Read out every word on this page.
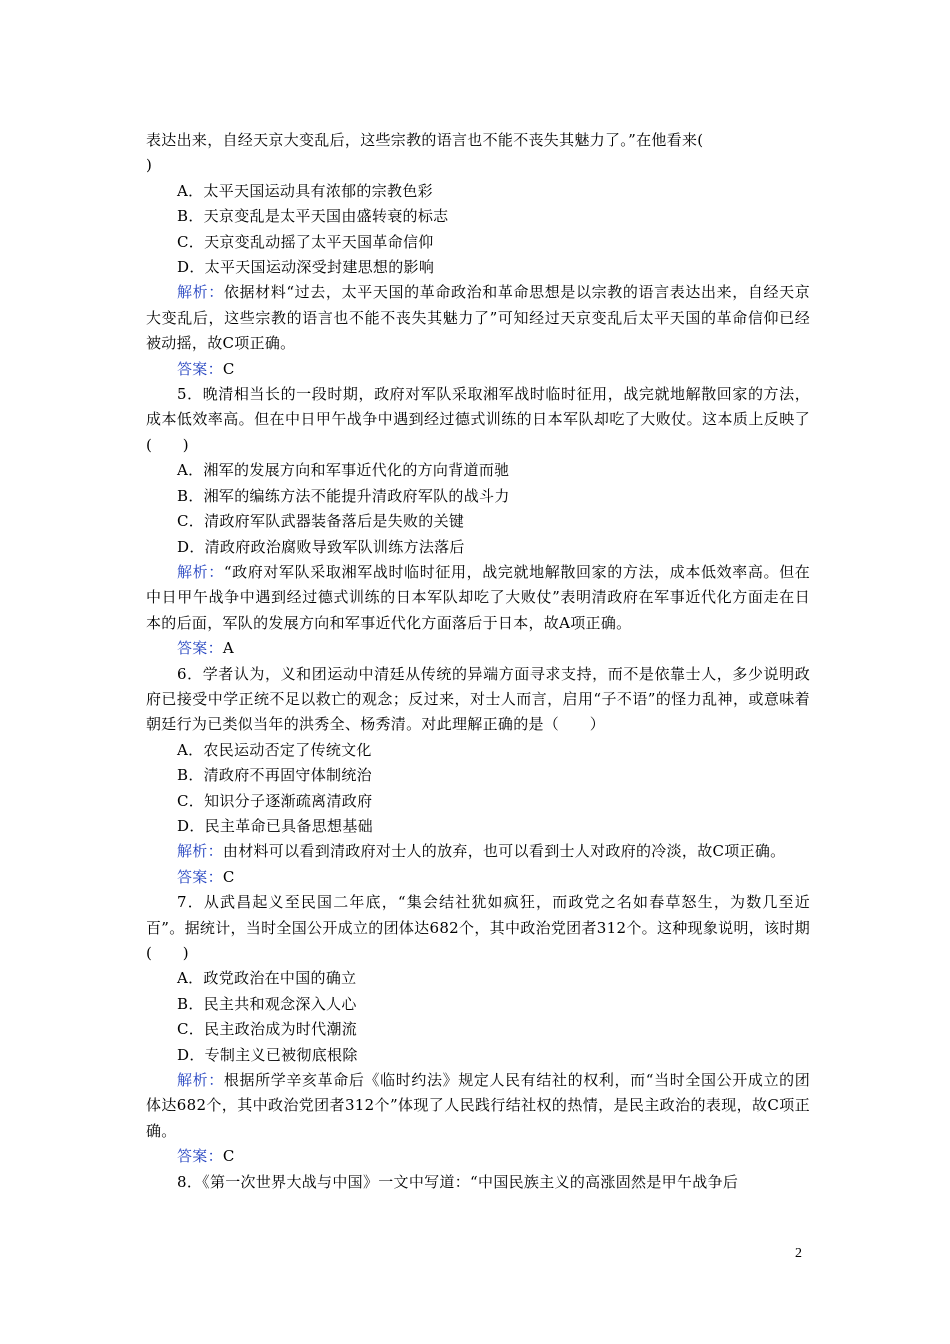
表达出来，自经天京大变乱后，这些宗教的语言也不能不丧失其魅力了。”在他看来(

)

A．太平天国运动具有浓郁的宗教色彩

B．天京变乱是太平天国由盛转衰的标志

C．天京变乱动摇了太平天国革命信仰

D．太平天国运动深受封建思想的影响

解析：依据材料“过去，太平天国的革命政治和革命思想是以宗教的语言表达出来，自经天京大变乱后，这些宗教的语言也不能不丧失其魅力了”可知经过天京变乱后太平天国的革命信仰已经被动摇，故C项正确。

答案：C

5．晚清相当长的一段时期，政府对军队采取湘军战时临时征用，战完就地解散回家的方法，成本低效率高。但在中日甲午战争中遇到经过德式训练的日本军队却吃了大败仗。这本质上反映了(　　)

A．湘军的发展方向和军事近代化的方向背道而驰

B．湘军的编练方法不能提升清政府军队的战斗力

C．清政府军队武器装备落后是失败的关键

D．清政府政治腐败导致军队训练方法落后

解析：“政府对军队采取湘军战时临时征用，战完就地解散回家的方法，成本低效率高。但在中日甲午战争中遇到经过德式训练的日本军队却吃了大败仗”表明清政府在军事近代化方面走在日本的后面，军队的发展方向和军事近代化方面落后于日本，故A项正确。

答案：A

6．学者认为，义和团运动中清廷从传统的异端方面寻求支持，而不是依靠士人，多少说明政府已接受中学正统不足以救亡的观念；反过来，对士人而言，启用“子不语”的怪力乱神，或意味着朝廷行为已类似当年的洪秀全、杨秀清。对此理解正确的是（　　）

A．农民运动否定了传统文化

B．清政府不再固守体制统治

C．知识分子逐渐疏离清政府

D．民主革命已具备思想基础

解析：由材料可以看到清政府对士人的放弃，也可以看到士人对政府的冷淡，故C项正确。

答案：C

7．从武昌起义至民国二年底，“集会结社犹如疯狂，而政党之名如春草怒生，为数几至近百”。据统计，当时全国公开成立的团体达682个，其中政治党团者312个。这种现象说明，该时期(　　)

A．政党政治在中国的确立

B．民主共和观念深入人心

C．民主政治成为时代潮流

D．专制主义已被彻底根除

解析：根据所学辛亥革命后《临时约法》规定人民有结社的权利，而“当时全国公开成立的团体达682个，其中政治党团者312个”体现了人民践行结社权的热情，是民主政治的表现，故C项正确。

答案：C

8．《第一次世界大战与中国》一文中写道：“中国民族主义的高涨固然是甲午战争后

2
